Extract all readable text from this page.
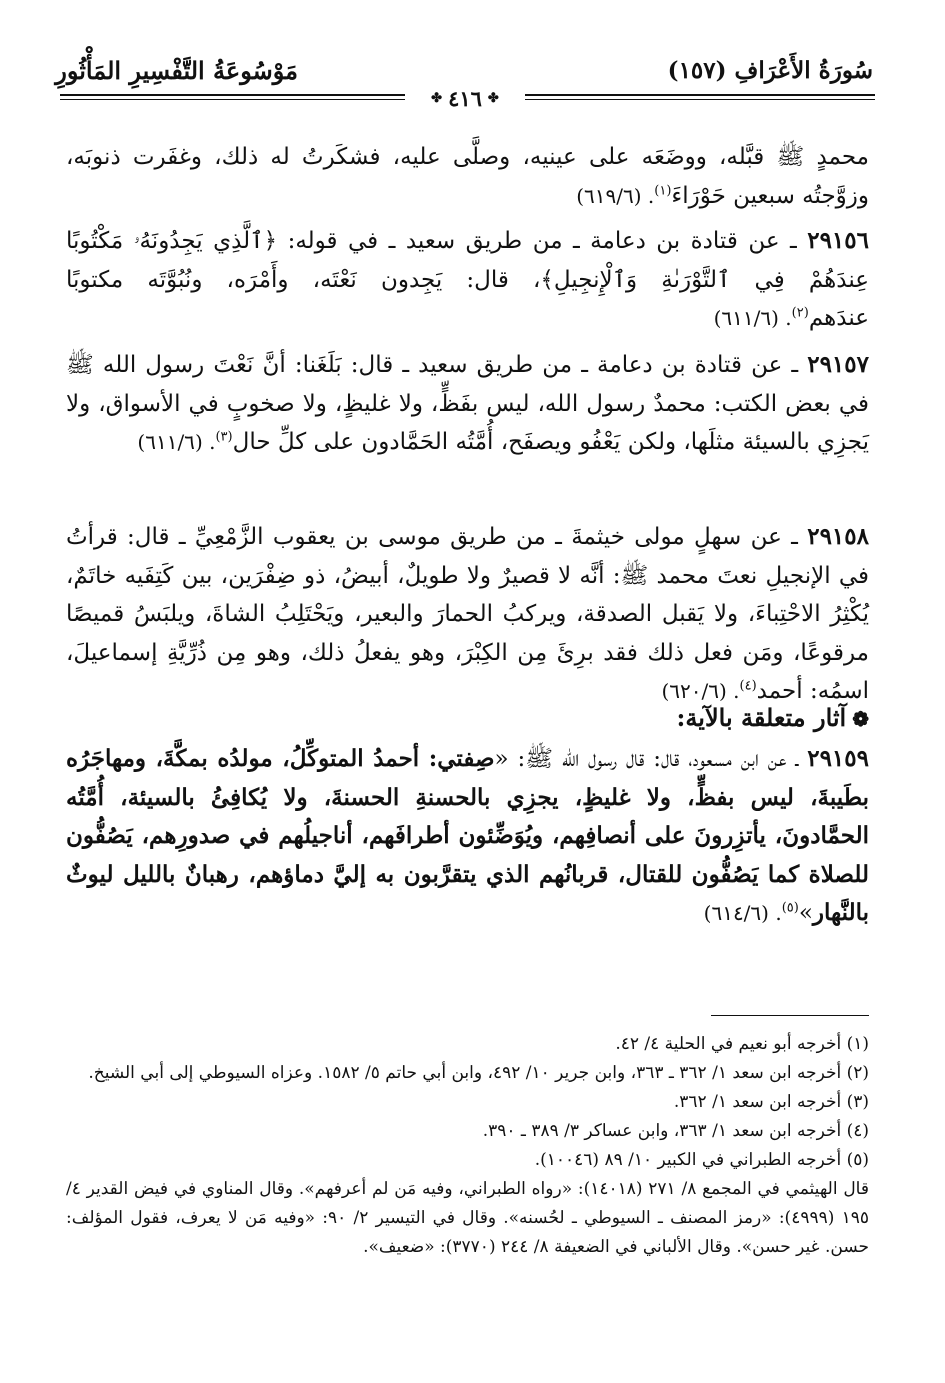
سُورَةُ الأَعْرَافِ (١٥٧)
مَوْسُوعَةُ التَّفْسِيرِ المَأْثُورِ
✤
٤١٦
✤
محمدٍ ﷺ قبَّله، ووضَعَه على عينيه، وصلَّى عليه، فشكَرتُ له ذلك، وغفَرت ذنوبَه، وزوَّجتُه سبعين حَوْرَاءَ$^{(١)}$. (٦١٩/٦)
٢٩١٥٦ ـ عن قتادة بن دعامة ـ من طريق سعيد ـ في قوله: ﴿ٱلَّذِي يَجِدُونَهُۥ مَكْتُوبًا عِندَهُمْ فِي ٱلتَّوْرَىٰةِ وَٱلْإِنجِيلِ﴾، قال: يَجِدون نَعْتَه، وأَمْرَه، ونُبُوَّتَه مكتوبًا عندَهم$^{(٢)}$. (٦١١/٦)
٢٩١٥٧ ـ عن قتادة بن دعامة ـ من طريق سعيد ـ قال: بَلَغَنا: أنَّ نَعْتَ رسول الله ﷺ في بعض الكتب: محمدٌ رسول الله، ليس بفَظٍّ، ولا غليظٍ، ولا صخوبٍ في الأسواق، ولا يَجزِي بالسيئة مثلَها، ولكن يَعْفُو ويصفَح، أُمَّتُه الحَمَّادون على كلِّ حال$^{(٣)}$. (٦١١/٦)
٢٩١٥٨ ـ عن سهلٍ مولى خيثمةَ ـ من طريق موسى بن يعقوب الزَّمْعِيِّ ـ قال: قرأتُ في الإنجيلِ نعتَ محمد ﷺ: أنَّه لا قصيرٌ ولا طويلٌ، أبيضُ، ذو ضِفْرَين، بين كَتِفَيه خاتَمٌ، يُكْثِرُ الاحْتِباءَ، ولا يَقبل الصدقة، ويركبُ الحمارَ والبعير، ويَحْتَلِبُ الشاةَ، ويلبَسُ قميصًا مرقوعًا، ومَن فعل ذلك فقد برِئَ مِن الكِبْرَ، وهو يفعلُ ذلك، وهو مِن ذُرِّيَّةِ إسماعيلَ، اسمُه: أحمد$^{(٤)}$. (٦٢٠/٦)
❁آثار متعلقة بالآية:
٢٩١٥٩ ـ عن ابن مسعود، قال: قال رسول الله ﷺ: «صِفتي: أحمدُ المتوكِّلُ، مولدُه بمكَّةَ، ومهاجَرُه بطَيبةَ، ليس بفظٍّ، ولا غليظٍ، يجزِي بالحسنةِ الحسنةَ، ولا يُكافِئُ بالسيئة، أُمَّتُه الحمَّادونَ، يأتزِرونَ على أنصافِهم، ويُوَضِّئون أطرافَهم، أناجيلُهم في صدورِهم، يَصُفُّون للصلاة كما يَصُفُّون للقتال، قربانُهم الذي يتقرَّبون به إليَّ دماؤهم، رهبانٌ بالليل ليوثٌ بالنَّهار»$^{(٥)}$. (٦١٤/٦)
(١) أخرجه أبو نعيم في الحلية ٤/ ٤٢.
(٢) أخرجه ابن سعد ١/ ٣٦٢ ـ ٣٦٣، وابن جرير ١٠/ ٤٩٢، وابن أبي حاتم ٥/ ١٥٨٢. وعزاه السيوطي إلى أبي الشيخ.
(٣) أخرجه ابن سعد ١/ ٣٦٢.
(٤) أخرجه ابن سعد ١/ ٣٦٣، وابن عساكر ٣/ ٣٨٩ ـ ٣٩٠.
(٥) أخرجه الطبراني في الكبير ١٠/ ٨٩ (١٠٠٤٦).
قال الهيثمي في المجمع ٨/ ٢٧١ (١٤٠١٨): «رواه الطبراني، وفيه مَن لم أعرفهم». وقال المناوي في فيض القدير ٤/ ١٩٥ (٤٩٩٩): «رمز المصنف ـ السيوطي ـ لحُسنه». وقال في التيسير ٢/ ٩٠: «وفيه مَن لا يعرف، فقول المؤلف: حسن. غير حسن». وقال الألباني في الضعيفة ٨/ ٢٤٤ (٣٧٧٠): «ضعيف».
